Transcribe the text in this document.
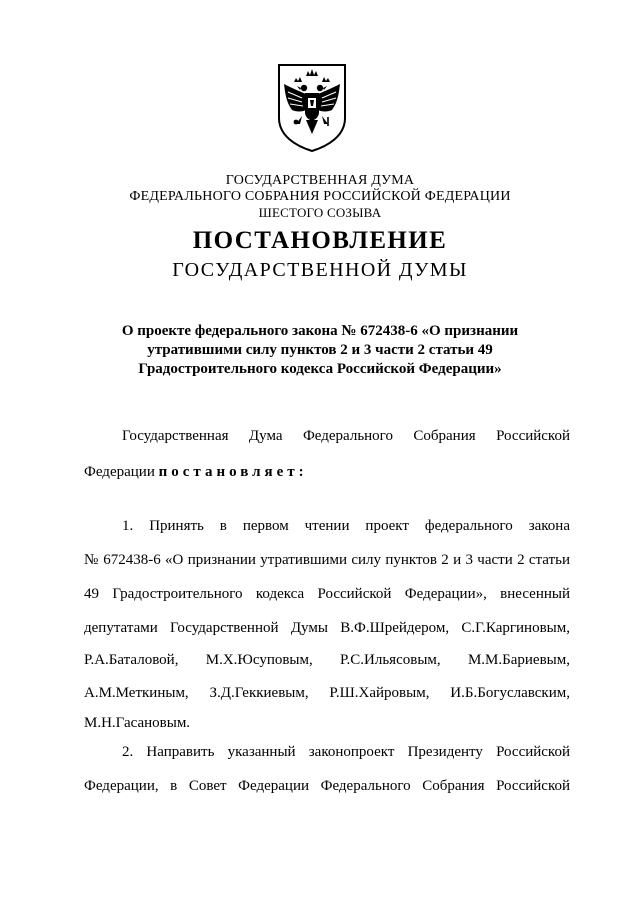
ГОСУДАРСТВЕННАЯ ДУМА
ФЕДЕРАЛЬНОГО СОБРАНИЯ РОССИЙСКОЙ ФЕДЕРАЦИИ
ШЕСТОГО СОЗЫВА
ПОСТАНОВЛЕНИЕ
ГОСУДАРСТВЕННОЙ ДУМЫ
О проекте федерального закона № 672438-6 «О признании
утратившими силу пунктов 2 и 3 части 2 статьи 49
Градостроительного кодекса Российской Федерации»
Государственная Дума Федерального Собрания Российской
Федерации постановляет:
1. Принять в первом чтении проект федерального закона
№ 672438-6 «О признании утратившими силу пунктов 2 и 3 части 2 статьи
49 Градостроительного кодекса Российской Федерации», внесенный
депутатами Государственной Думы В.Ф.Шрейдером, С.Г.Каргиновым,
Р.А.Баталовой, М.Х.Юсуповым, Р.С.Ильясовым, М.М.Бариевым,
А.М.Меткиным, З.Д.Геккиевым, Р.Ш.Хайровым, И.Б.Богуславским,
М.Н.Гасановым.
2. Направить указанный законопроект Президенту Российской
Федерации, в Совет Федерации Федерального Собрания Российской
